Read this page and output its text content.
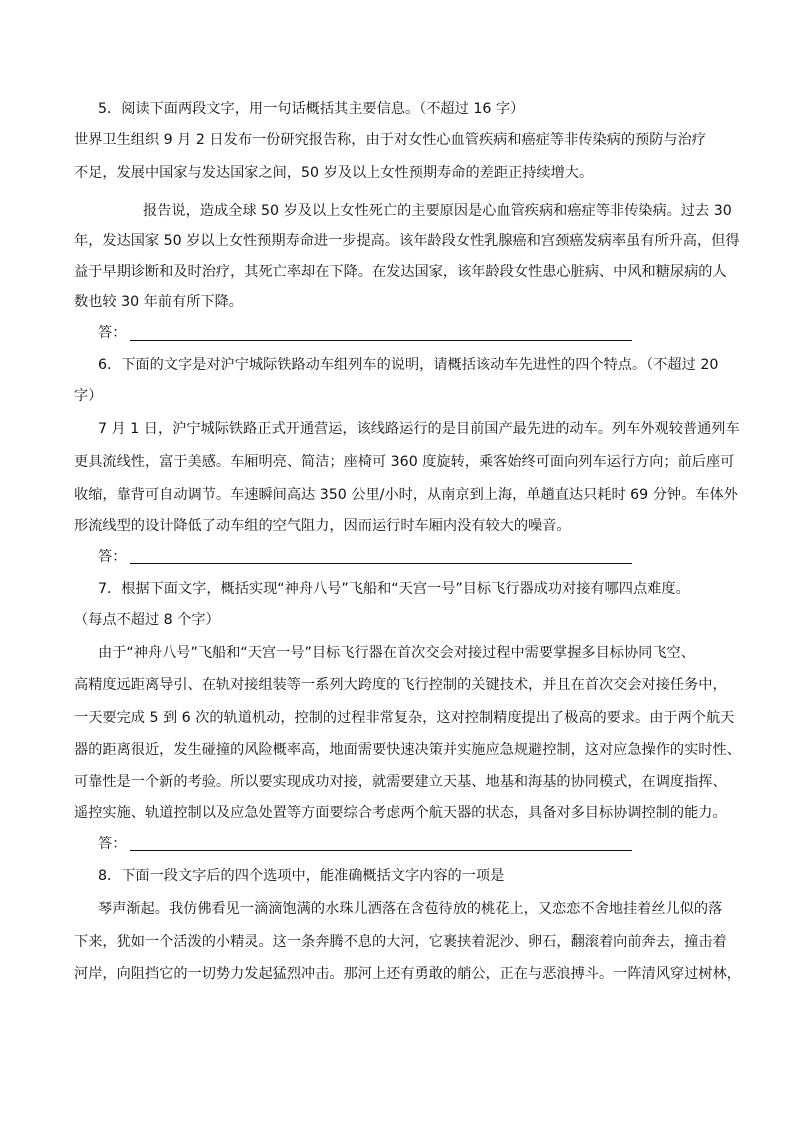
5．阅读下面两段文字，用一句话概括其主要信息。（不超过 16 字）
世界卫生组织 9 月 2 日发布一份研究报告称，由于对女性心血管疾病和癌症等非传染病的预防与治疗
不足，发展中国家与发达国家之间，50 岁及以上女性预期寿命的差距正持续增大。
报告说，造成全球 50 岁及以上女性死亡的主要原因是心血管疾病和癌症等非传染病。过去 30
年，发达国家 50 岁以上女性预期寿命进一步提高。该年龄段女性乳腺癌和宫颈癌发病率虽有所升高，但得
益于早期诊断和及时治疗，其死亡率却在下降。在发达国家，该年龄段女性患心脏病、中风和糖尿病的人
数也较 30 年前有所下降。
答：
6．下面的文字是对沪宁城际铁路动车组列车的说明，请概括该动车先进性的四个特点。（不超过 20
字）
7 月 1 日，沪宁城际铁路正式开通营运，该线路运行的是目前国产最先进的动车。列车外观较普通列车
更具流线性，富于美感。车厢明亮、简洁；座椅可 360 度旋转，乘客始终可面向列车运行方向；前后座可
收缩，靠背可自动调节。车速瞬间高达 350 公里/小时，从南京到上海，单趟直达只耗时 69 分钟。车体外
形流线型的设计降低了动车组的空气阻力，因而运行时车厢内没有较大的噪音。
答：
7．根据下面文字，概括实现“神舟八号”飞船和“天宫一号”目标飞行器成功对接有哪四点难度。
（每点不超过 8 个字）
由于“神舟八号”飞船和“天宫一号”目标飞行器在首次交会对接过程中需要掌握多目标协同飞空、
高精度远距离导引、在轨对接组装等一系列大跨度的飞行控制的关键技术，并且在首次交会对接任务中，
一天要完成 5 到 6 次的轨道机动，控制的过程非常复杂，这对控制精度提出了极高的要求。由于两个航天
器的距离很近，发生碰撞的风险概率高，地面需要快速决策并实施应急规避控制，这对应急操作的实时性、
可靠性是一个新的考验。所以要实现成功对接，就需要建立天基、地基和海基的协同模式，在调度指挥、
遥控实施、轨道控制以及应急处置等方面要综合考虑两个航天器的状态，具备对多目标协调控制的能力。
答：
8．下面一段文字后的四个选项中，能准确概括文字内容的一项是
琴声渐起。我仿佛看见一滴滴饱满的水珠儿洒落在含苞待放的桃花上，又恋恋不舍地挂着丝儿似的落
下来，犹如一个活泼的小精灵。这一条奔腾不息的大河，它裹挟着泥沙、卵石，翻滚着向前奔去，撞击着
河岸，向阻挡它的一切势力发起猛烈冲击。那河上还有勇敢的艄公，正在与恶浪搏斗。一阵清风穿过树林，
